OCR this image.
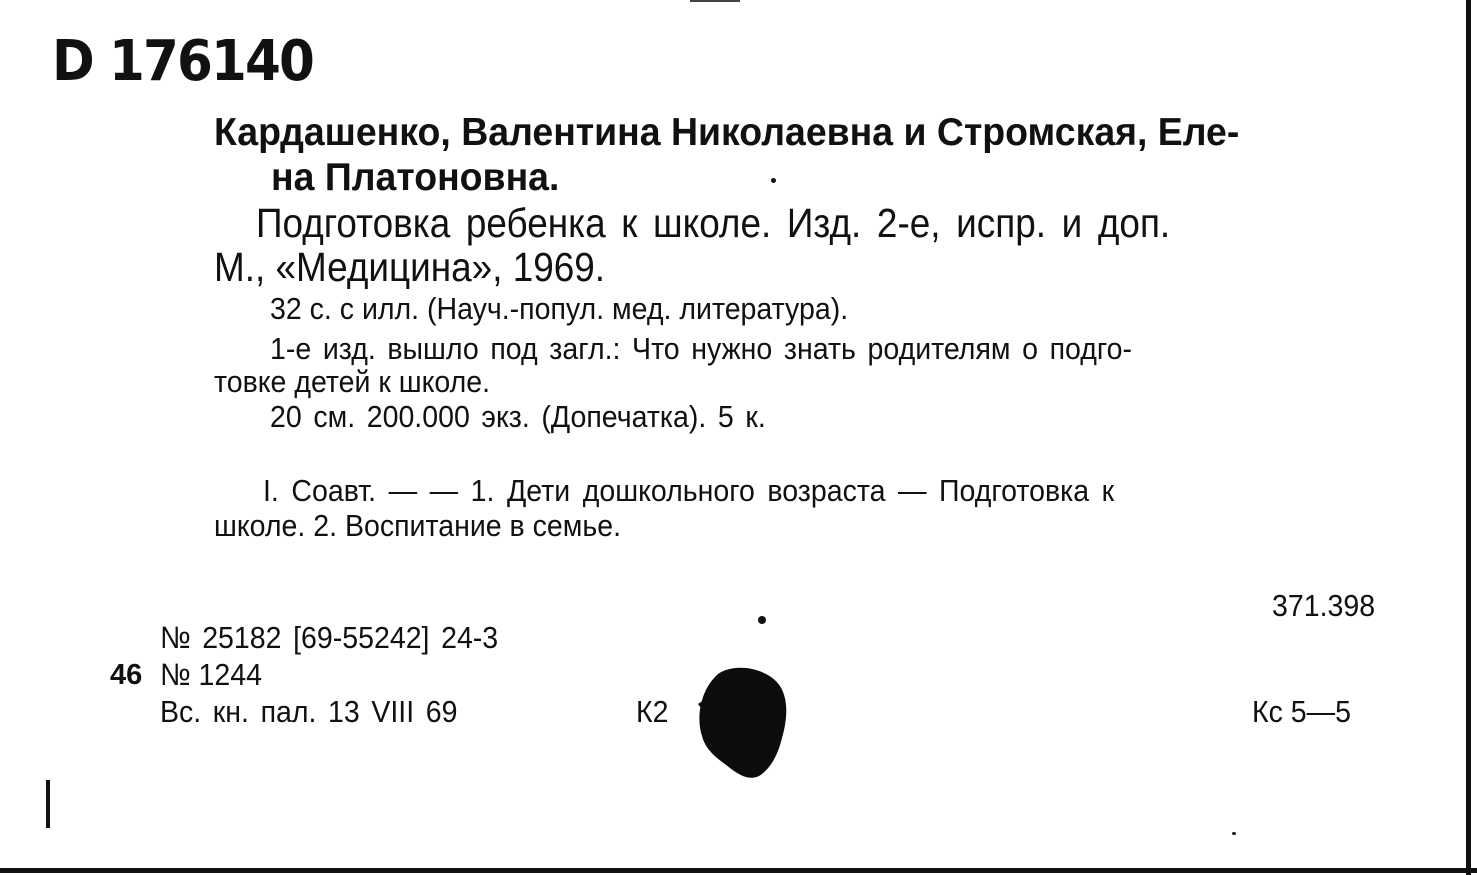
D 176140
Кардашенко, Валентина Николаевна и Стромская, Еле-
на Платоновна.
Подготовка ребенка к школе. Изд. 2-е, испр. и доп.
М., «Медицина», 1969.
32 с. с илл. (Науч.-попул. мед. литература).
1-е изд. вышло под загл.: Что нужно знать родителям о подго-
товке детей к школе.
20 см. 200.000 экз. (Допечатка). 5 к.
I. Соавт. — — 1. Дети дошкольного возраста — Подготовка к
школе. 2. Воспитание в семье.
371.398
№ 25182 [69-55242] 24-3
46 № 1244
Вс. кн. пал. 13 VIII 69	К2	Кс 5—5
